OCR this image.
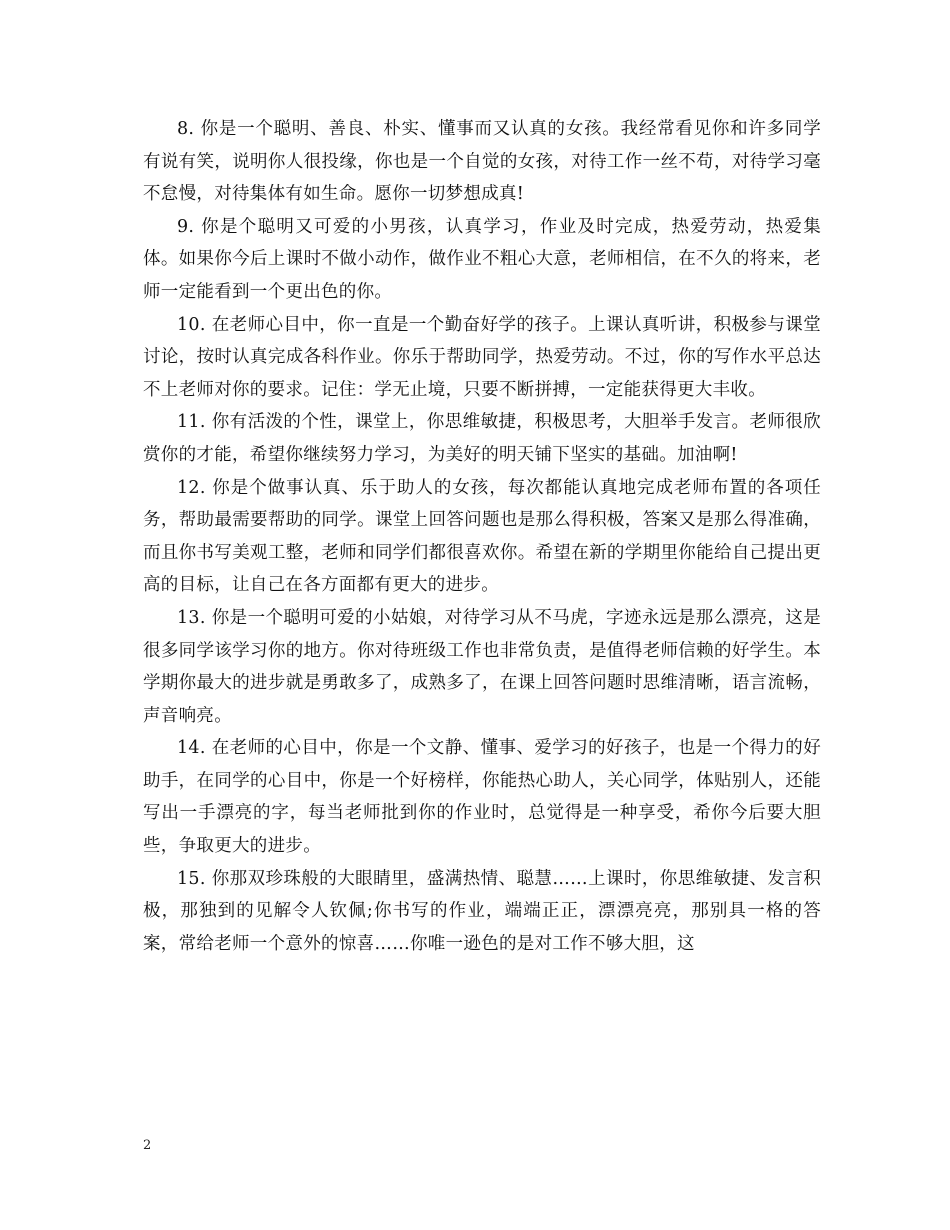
8. 你是一个聪明、善良、朴实、懂事而又认真的女孩。我经常看见你和许多同学有说有笑，说明你人很投缘，你也是一个自觉的女孩，对待工作一丝不苟，对待学习毫不怠慢，对待集体有如生命。愿你一切梦想成真!

9. 你是个聪明又可爱的小男孩，认真学习，作业及时完成，热爱劳动，热爱集体。如果你今后上课时不做小动作，做作业不粗心大意，老师相信，在不久的将来，老师一定能看到一个更出色的你。

10. 在老师心目中，你一直是一个勤奋好学的孩子。上课认真听讲，积极参与课堂讨论，按时认真完成各科作业。你乐于帮助同学，热爱劳动。不过，你的写作水平总达不上老师对你的要求。记住：学无止境，只要不断拼搏，一定能获得更大丰收。

11. 你有活泼的个性，课堂上，你思维敏捷，积极思考，大胆举手发言。老师很欣赏你的才能，希望你继续努力学习，为美好的明天铺下坚实的基础。加油啊!

12. 你是个做事认真、乐于助人的女孩，每次都能认真地完成老师布置的各项任务，帮助最需要帮助的同学。课堂上回答问题也是那么得积极，答案又是那么得准确，而且你书写美观工整，老师和同学们都很喜欢你。希望在新的学期里你能给自己提出更高的目标，让自己在各方面都有更大的进步。

13. 你是一个聪明可爱的小姑娘，对待学习从不马虎，字迹永远是那么漂亮，这是很多同学该学习你的地方。你对待班级工作也非常负责，是值得老师信赖的好学生。本学期你最大的进步就是勇敢多了，成熟多了，在课上回答问题时思维清晰，语言流畅，声音响亮。

14. 在老师的心目中，你是一个文静、懂事、爱学习的好孩子，也是一个得力的好助手，在同学的心目中，你是一个好榜样，你能热心助人，关心同学，体贴别人，还能写出一手漂亮的字，每当老师批到你的作业时，总觉得是一种享受，希你今后要大胆些，争取更大的进步。

15. 你那双珍珠般的大眼睛里，盛满热情、聪慧……上课时，你思维敏捷、发言积极，那独到的见解令人钦佩;你书写的作业，端端正正，漂漂亮亮，那别具一格的答案，常给老师一个意外的惊喜……你唯一逊色的是对工作不够大胆，这

2
